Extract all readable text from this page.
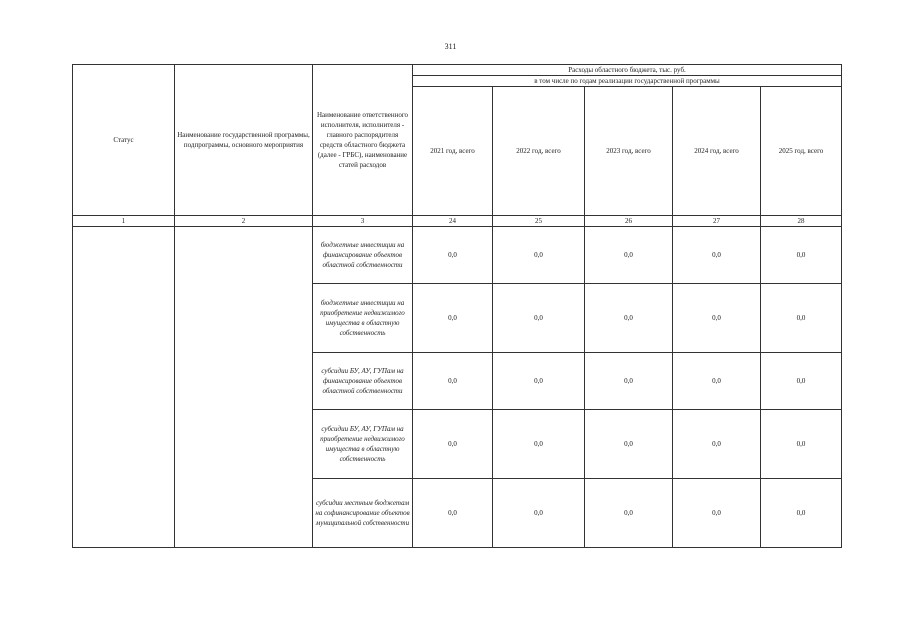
311
Статус	Наименование государственной программы, подпрограммы, основного мероприятия	Наименование ответственного исполнителя, исполнителя - главного распорядителя средств областного бюджета (далее - ГРБС), наименование статей расходов	Расходы областного бюджета, тыс. руб.				
			в том числе по годам реализации государственной программы				
			2021 год, всего	2022 год, всего	2023 год, всего	2024 год, всего	2025 год, всего
1	2	3	24	25	26	27	28
		бюджетные инвестиции на финансирование объектов областной собственности	0,0	0,0	0,0	0,0	0,0
		бюджетные инвестиции на приобретение недвижимого имущества в областную собственность	0,0	0,0	0,0	0,0	0,0
		субсидии БУ, АУ, ГУПам на финансирование объектов областной собственности	0,0	0,0	0,0	0,0	0,0
		субсидии БУ, АУ, ГУПам на приобретение недвижимого имущества в областную собственность	0,0	0,0	0,0	0,0	0,0
		субсидии местным бюджетам на софинансирование объектов муниципальной собственности	0,0	0,0	0,0	0,0	0,0
